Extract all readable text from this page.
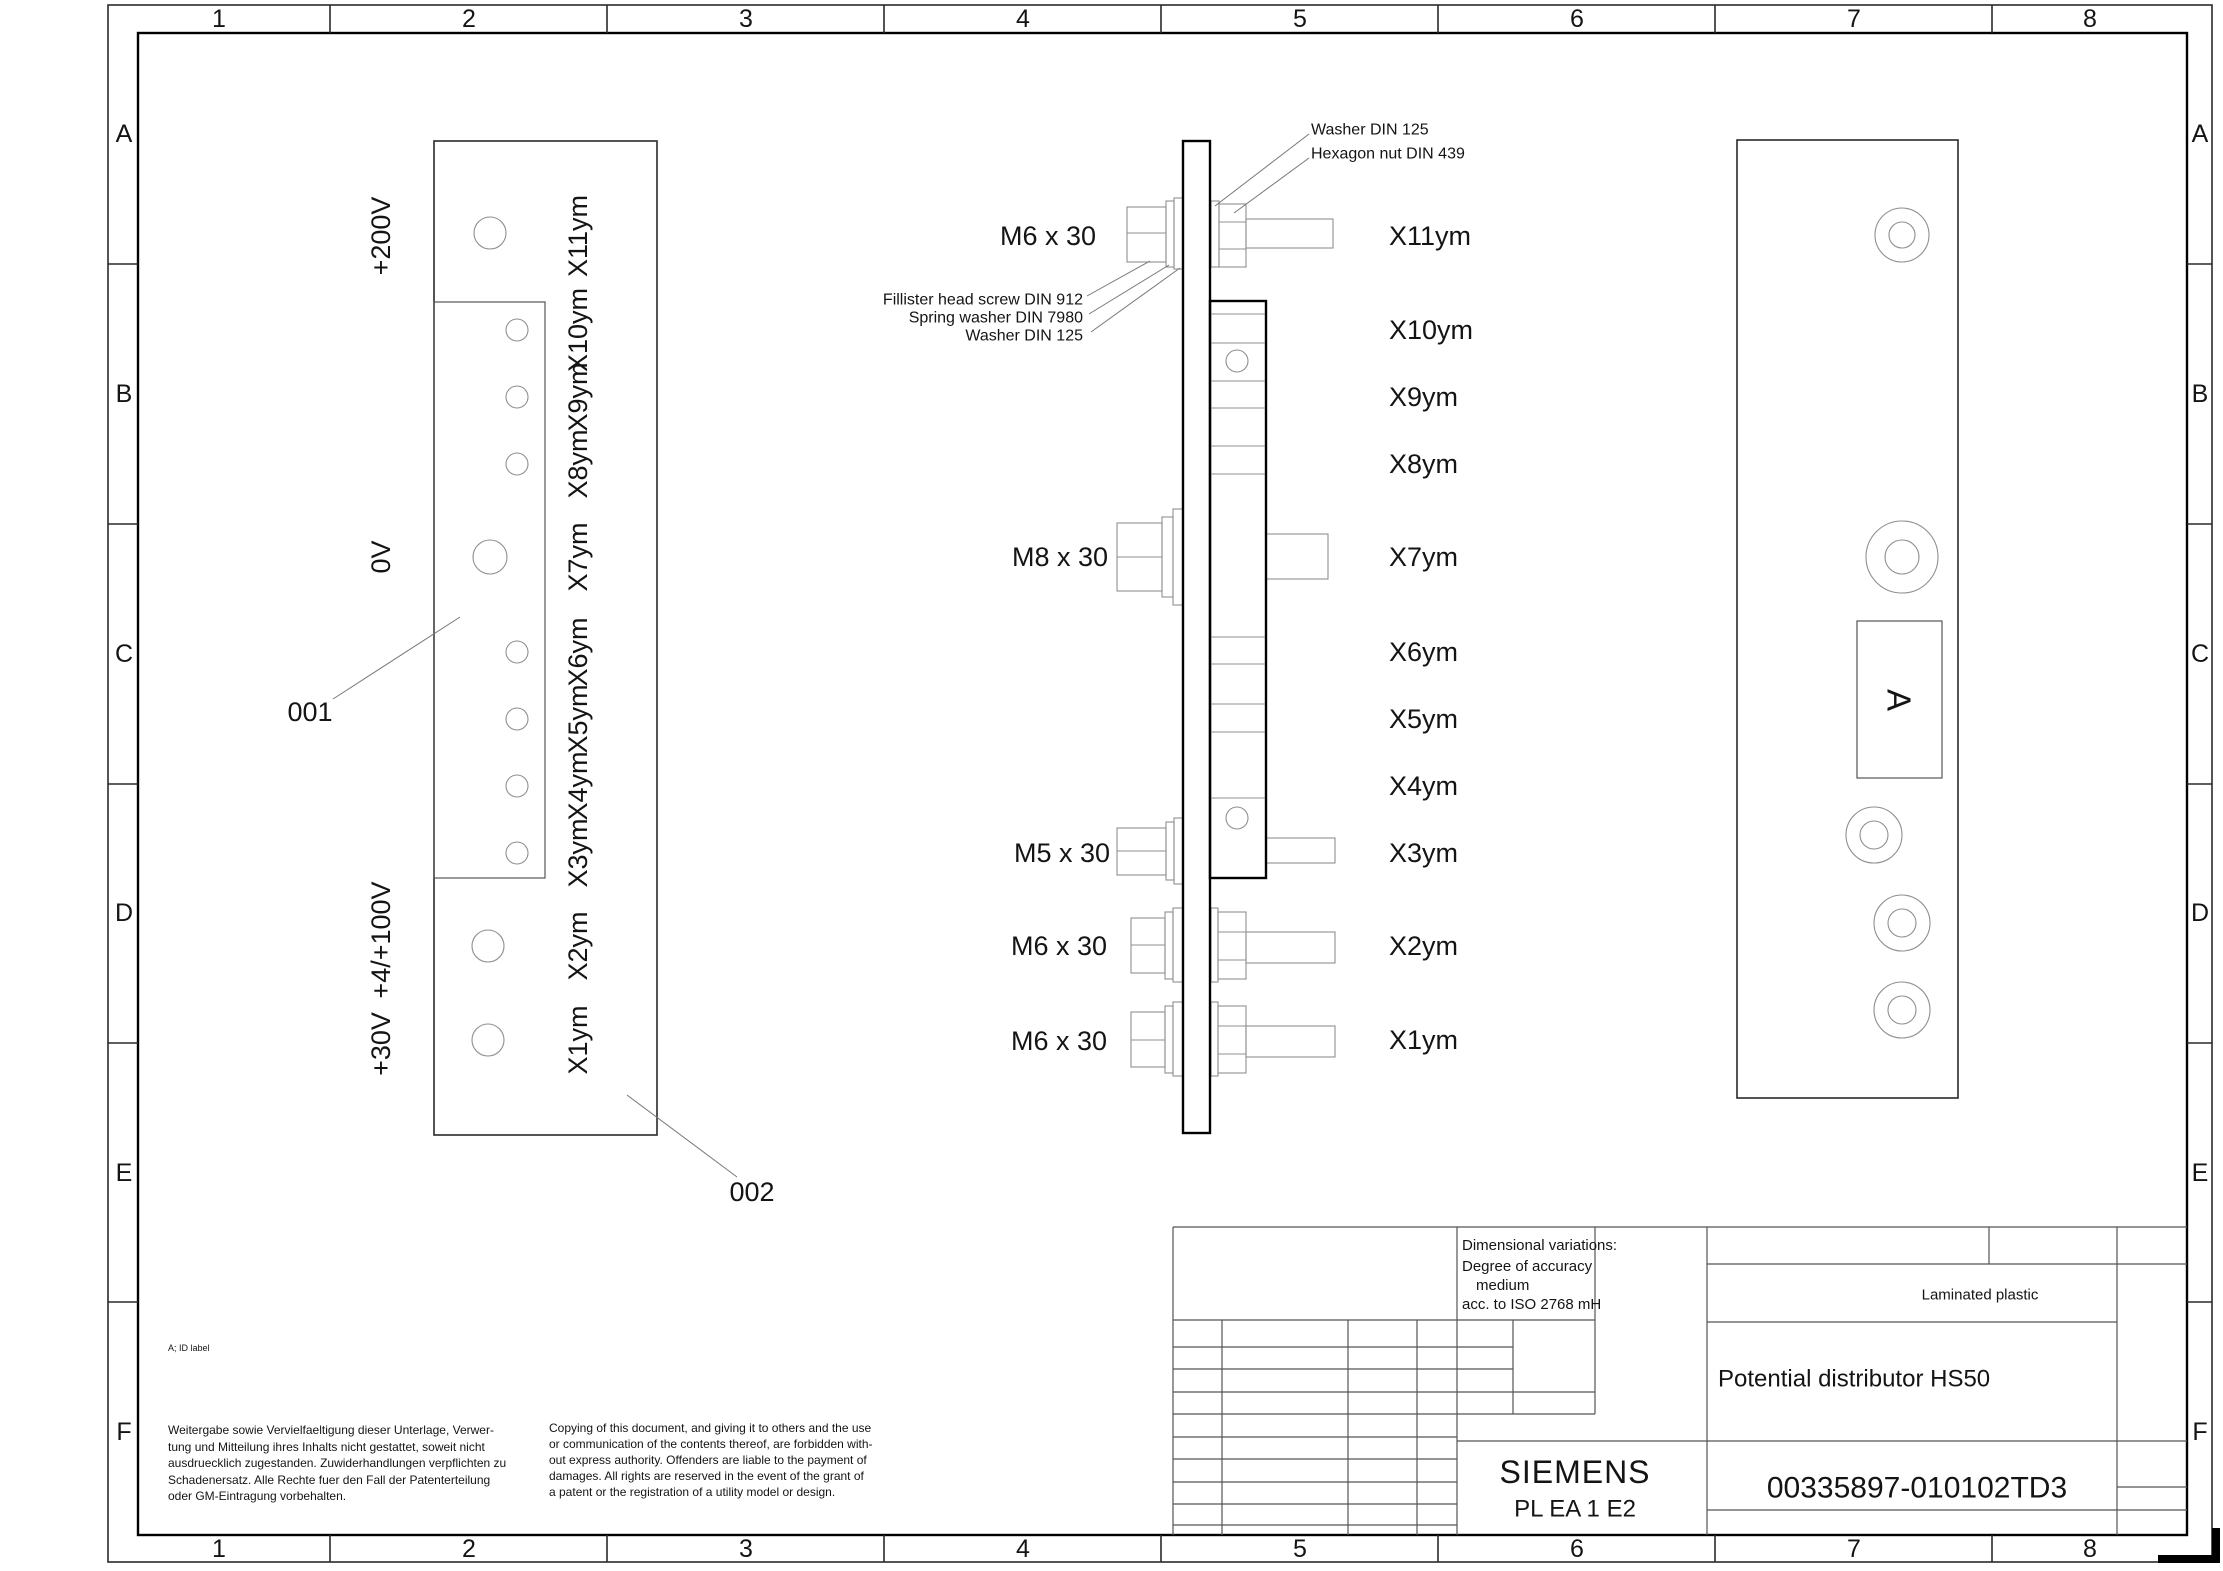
1	2	3	4	5	6	7	8
1	2	3	4	5	6	7	8
A
B
C
D
E
F
A
B
C
D
E
F
+200V
0V
+4/+100V
+30V
X11ym
X10ym
X9ym
X8ym
X7ym
X6ym
X5ym
X4ym
X3ym
X2ym
X1ym
001
002
Washer DIN 125
Hexagon nut DIN 439
Fillister head screw DIN 912
Spring washer DIN 7980
Washer DIN 125
M6 x 30
M8 x 30
M5 x 30
M6 x 30
M6 x 30
X11ym
X10ym
X9ym
X8ym
X7ym
X6ym
X5ym
X4ym
X3ym
X2ym
X1ym
A
Dimensional variations:
Degree of accuracy
medium
acc. to ISO 2768 mH
Laminated plastic
Potential distributor HS50
SIEMENS
PL EA 1 E2
00335897-010102TD3
A; ID label
Weitergabe sowie Vervielfaeltigung dieser Unterlage, Verwer-
tung und Mitteilung ihres Inhalts nicht gestattet, soweit nicht
ausdruecklich zugestanden. Zuwiderhandlungen verpflichten zu
Schadenersatz. Alle Rechte fuer den Fall der Patenterteilung
oder GM-Eintragung vorbehalten.
Copying of this document, and giving it to others and the use
or communication of the contents thereof, are forbidden with-
out express authority. Offenders are liable to the payment of
damages. All rights are reserved in the event of the grant of
a patent or the registration of a utility model or design.
